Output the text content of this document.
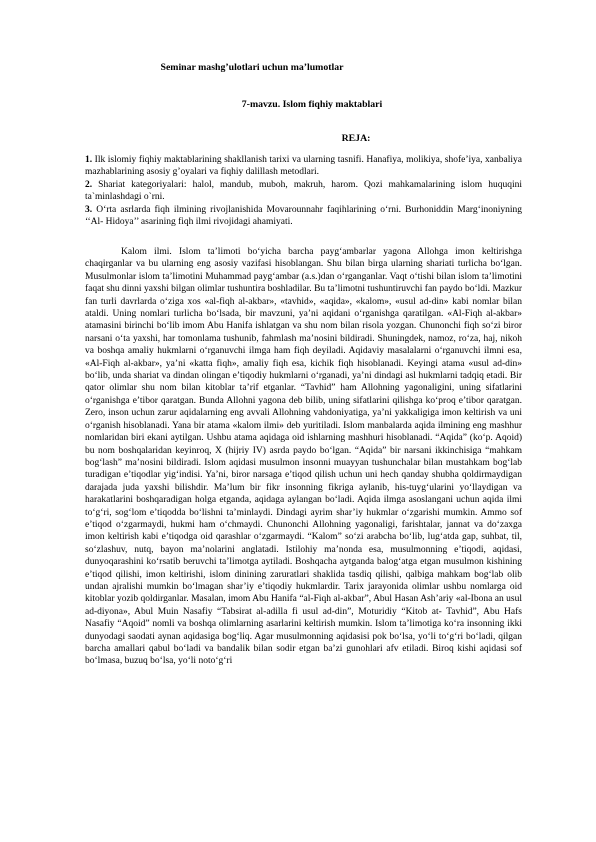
Seminar mashg’ulotlari uchun ma’lumotlar
7-mavzu. Islom fiqhiy maktablari
REJA:

1. Ilk islomiy fiqhiy maktablarining shakllanish tarixi va ularning tasnifi. Hanafiya, molikiya, shofe’iya, xanbaliya mazhablarining asosiy g’oyalari va fiqhiy dalillash metodlari.

2. Shariat kategoriyalari: halol, mandub, muboh, makruh, harom. Qozi mahkamalarining islom huquqini ta`minlashdagi o`rni.

3. O‘rta asrlarda fiqh ilmining rivojlanishida Movarounnahr faqihlarining o‘rni. Burhoniddin Marg‘inoniyning ‘‘Al- Hidoya’’ asarining fiqh ilmi rivojidagi ahamiyati.

Kalom ilmi. Islom ta’limoti bo‘yicha barcha payg‘ambarlar yagona Allohga imon keltirishga chaqirganlar va bu ularning eng asosiy vazifasi hisoblangan. Shu bilan birga ularning shariati turlicha bo‘lgan. Musulmonlar islom ta’limotini Muhammad payg‘ambar (a.s.)dan o‘rganganlar. Vaqt o‘tishi bilan islom ta’limotini faqat shu dinni yaxshi bilgan olimlar tushuntira boshladilar. Bu ta’limotni tushuntiruvchi fan paydo bo‘ldi. Mazkur fan turli davrlarda o‘ziga xos «al-fiqh al-akbar», «tavhid», «aqida», «kalom», «usul ad-din» kabi nomlar bilan ataldi. Uning nomlari turlicha bo‘lsada, bir mavzuni, ya’ni aqidani o‘rganishga qaratilgan. «Al-Fiqh al-akbar» atamasini birinchi bo‘lib imom Abu Hanifa ishlatgan va shu nom bilan risola yozgan. Chunonchi fiqh so‘zi biror narsani o‘ta yaxshi, har tomonlama tushunib, fahmlash ma’nosini bildiradi. Shuningdek, namoz, ro‘za, haj, nikoh va boshqa amaliy hukmlarni o‘rganuvchi ilmga ham fiqh deyiladi. Aqidaviy masalalarni o‘rganuvchi ilmni esa, «Al-Fiqh al-akbar», ya’ni «katta fiqh», amaliy fiqh esa, kichik fiqh hisoblanadi. Keyingi atama «usul ad-din» bo‘lib, unda shariat va dindan olingan e’tiqodiy hukmlarni o‘rganadi, ya’ni dindagi asl hukmlarni tadqiq etadi. Bir qator olimlar shu nom bilan kitoblar ta’rif etganlar. “Tavhid” ham Allohning yagonaligini, uning sifatlarini o‘rganishga e’tibor qaratgan. Bunda Allohni yagona deb bilib, uning sifatlarini qilishga ko‘proq e’tibor qaratgan. Zero, inson uchun zarur aqidalarning eng avvali Allohning vahdoniyatiga, ya’ni yakkaligiga imon keltirish va uni o‘rganish hisoblanadi. Yana bir atama «kalom ilmi» deb yuritiladi. Islom manbalarda aqida ilmining eng mashhur nomlaridan biri ekani aytilgan. Ushbu atama aqidaga oid ishlarning mashhuri hisoblanadi. “Aqida” (ko‘p. Aqoid) bu nom boshqalaridan keyinroq, X (hijriy IV) asrda paydo bo‘lgan. “Aqida” bir narsani ikkinchisiga “mahkam bog‘lash” ma’nosini bildiradi. Islom aqidasi musulmon insonni muayyan tushunchalar bilan mustahkam bog‘lab turadigan e’tiqodlar yig‘indisi. Ya’ni, biror narsaga e’tiqod qilish uchun uni hech qanday shubha qoldirmaydigan darajada juda yaxshi bilishdir. Ma’lum bir fikr insonning fikriga aylanib, his-tuyg‘ularini yo‘llaydigan va harakatlarini boshqaradigan holga etganda, aqidaga aylangan bo‘ladi. Aqida ilmga asoslangani uchun aqida ilmi to‘g‘ri, sog‘lom e’tiqodda bo‘lishni ta’minlaydi. Dindagi ayrim shar’iy hukmlar o‘zgarishi mumkin. Ammo sof e’tiqod o‘zgarmaydi, hukmi ham o‘chmaydi. Chunonchi Allohning yagonaligi, farishtalar, jannat va do‘zaxga imon keltirish kabi e’tiqodga oid qarashlar o‘zgarmaydi. “Kalom” so‘zi arabcha bo‘lib, lug‘atda gap, suhbat, til, so‘zlashuv, nutq, bayon ma’nolarini anglatadi. Istilohiy ma’nonda esa, musulmonning e’tiqodi, aqidasi, dunyoqarashini ko‘rsatib beruvchi ta’limotga aytiladi. Boshqacha aytganda balog‘atga etgan musulmon kishining e’tiqod qilishi, imon keltirishi, islom dinining zaruratlari shaklida tasdiq qilishi, qalbiga mahkam bog‘lab olib undan ajralishi mumkin bo‘lmagan shar’iy e’tiqodiy hukmlardir. Tarix jarayonida olimlar ushbu nomlarga oid kitoblar yozib qoldirganlar. Masalan, imom Abu Hanifa “al-Fiqh al-akbar”, Abul Hasan Ash’ariy «al-Ibona an usul ad-diyona», Abul Muin Nasafiy “Tabsirat al-adilla fi usul ad-din”, Moturidiy “Kitob at- Tavhid”, Abu Hafs Nasafiy “Aqoid” nomli va boshqa olimlarning asarlarini keltirish mumkin. Islom ta’limotiga ko‘ra insonning ikki dunyodagi saodati aynan aqidasiga bog‘liq. Agar musulmonning aqidasisi pok bo‘lsa, yo‘li to‘g‘ri bo‘ladi, qilgan barcha amallari qabul bo‘ladi va bandalik bilan sodir etgan ba’zi gunohlari afv etiladi. Biroq kishi aqidasi sof bo‘lmasa, buzuq bo‘lsa, yo‘li noto‘g‘ri
